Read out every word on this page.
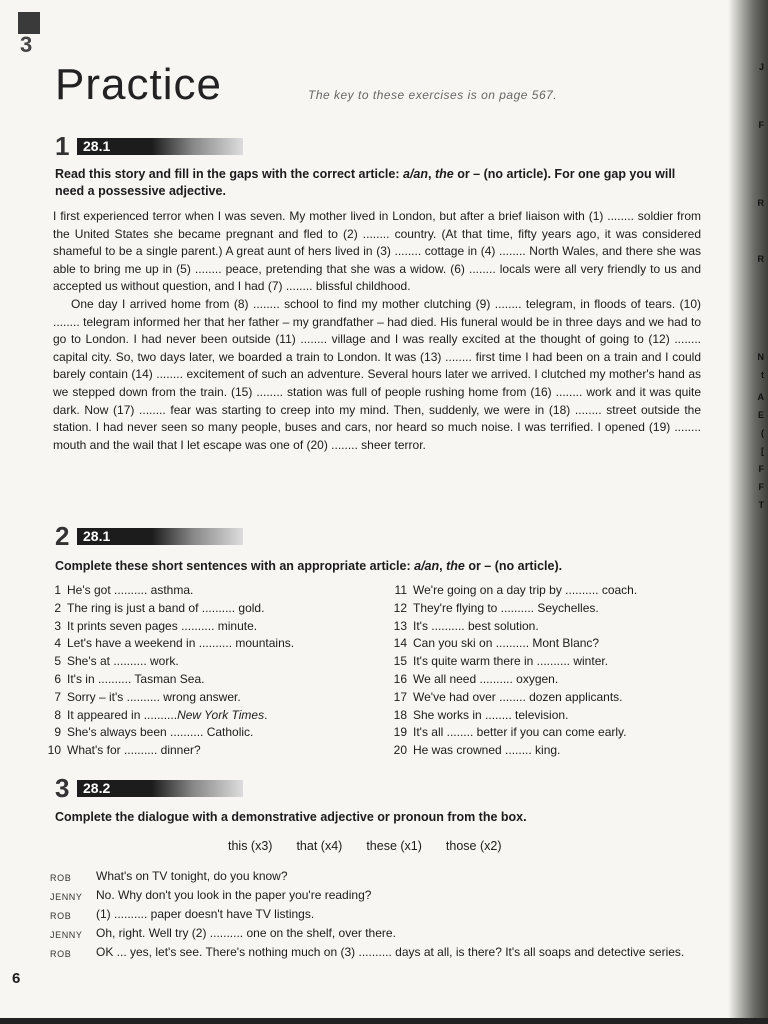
3
Practice	The key to these exercises is on page 567.
1 28.1
Read this story and fill in the gaps with the correct article: a/an, the or – (no article). For one gap you will need a possessive adjective.

I first experienced terror when I was seven. My mother lived in London, but after a brief liaison with (1) ........ soldier from the United States she became pregnant and fled to (2) ........ country. (At that time, fifty years ago, it was considered shameful to be a single parent.) A great aunt of hers lived in (3) ........ cottage in (4) ........ North Wales, and there she was able to bring me up in (5) ........ peace, pretending that she was a widow. (6) ........ locals were all very friendly to us and accepted us without question, and I had (7) ........ blissful childhood.

One day I arrived home from (8) ........ school to find my mother clutching (9) ........ telegram, in floods of tears. (10) ........ telegram informed her that her father – my grandfather – had died. His funeral would be in three days and we had to go to London. I had never been outside (11) ........ village and I was really excited at the thought of going to (12) ........ capital city. So, two days later, we boarded a train to London. It was (13) ........ first time I had been on a train and I could barely contain (14) ........ excitement of such an adventure. Several hours later we arrived. I clutched my mother's hand as we stepped down from the train. (15) ........ station was full of people rushing home from (16) ........ work and it was quite dark. Now (17) ........ fear was starting to creep into my mind. Then, suddenly, we were in (18) ........ street outside the station. I had never seen so many people, buses and cars, nor heard so much noise. I was terrified. I opened (19) ........ mouth and the wail that I let escape was one of (20) ........ sheer terror.

2 28.1
Complete these short sentences with an appropriate article: a/an, the or – (no article).
1 He's got .......... asthma.
2 The ring is just a band of .......... gold.
3 It prints seven pages .......... minute.
4 Let's have a weekend in .......... mountains.
5 She's at .......... work.
6 It's in .......... Tasman Sea.
7 Sorry – it's .......... wrong answer.
8 It appeared in .......... New York Times .
9 She's always been .......... Catholic.
10 What's for .......... dinner?
11 We're going on a day trip by .......... coach.
12 They're flying to .......... Seychelles.
13 It's .......... best solution.
14 Can you ski on .......... Mont Blanc?
15 It's quite warm there in .......... winter.
16 We all need .......... oxygen.
17 We've had over ........ dozen applicants.
18 She works in ........ television.
19 It's all ........ better if you can come early.
20 He was crowned ........ king.
3 28.2
Complete the dialogue with a demonstrative adjective or pronoun from the box.
this (x3) that (x4) these (x1) those (x2)
ROB	What's on TV tonight, do you know?
JENNY	No. Why don't you look in the paper you're reading?
ROB	(1) .......... paper doesn't have TV listings.
JENNY	Oh, right. Well try (2) .......... one on the shelf, over there.
ROB	OK ... yes, let's see. There's nothing much on (3) .......... days at all, is there? It's all soaps and detective series.
6
J
F
R
R
N
t
A
E
(
[
F
F
T
